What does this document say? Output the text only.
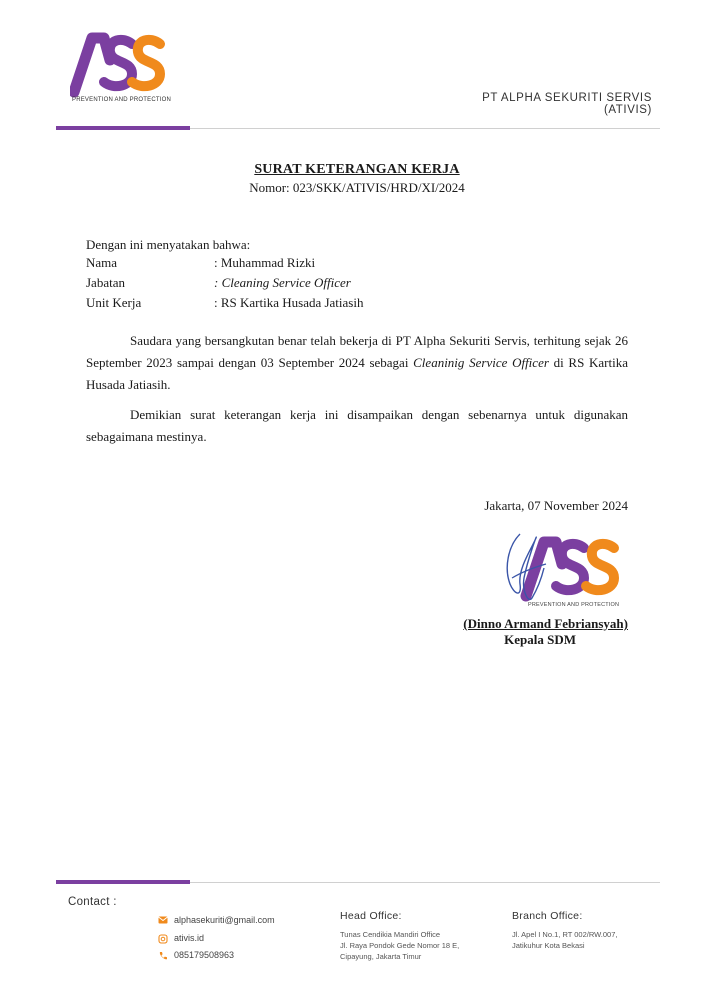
PREVENTION AND PROTECTION	PT ALPHA SEKURITI SERVIS (ATIVIS)
SURAT KETERANGAN KERJA
Nomor: 023/SKK/ATIVIS/HRD/XI/2024
Dengan ini menyatakan bahwa:
Nama	: Muhammad Rizki
Jabatan	: Cleaning Service Officer
Unit Kerja	: RS Kartika Husada Jatiasih
Saudara yang bersangkutan benar telah bekerja di PT Alpha Sekuriti Servis, terhitung sejak 26 September 2023 sampai dengan 03 September 2024 sebagai Cleaninig Service Officer di RS Kartika Husada Jatiasih.
Demikian surat keterangan kerja ini disampaikan dengan sebenarnya untuk digunakan sebagaimana mestinya.
Jakarta, 07 November 2024
PREVENTION AND PROTECTION
(Dinno Armand Febriansyah)
Kepala SDM
Contact :
alphasekuriti@gmail.com
ativis.id
085179508963
Head Office:
Tunas Cendikia Mandiri Office
Jl. Raya Pondok Gede Nomor 18 E,
Cipayung, Jakarta Timur
Branch Office:
Jl. Apel I No.1, RT 002/RW.007,
Jatikuhur Kota Bekasi
